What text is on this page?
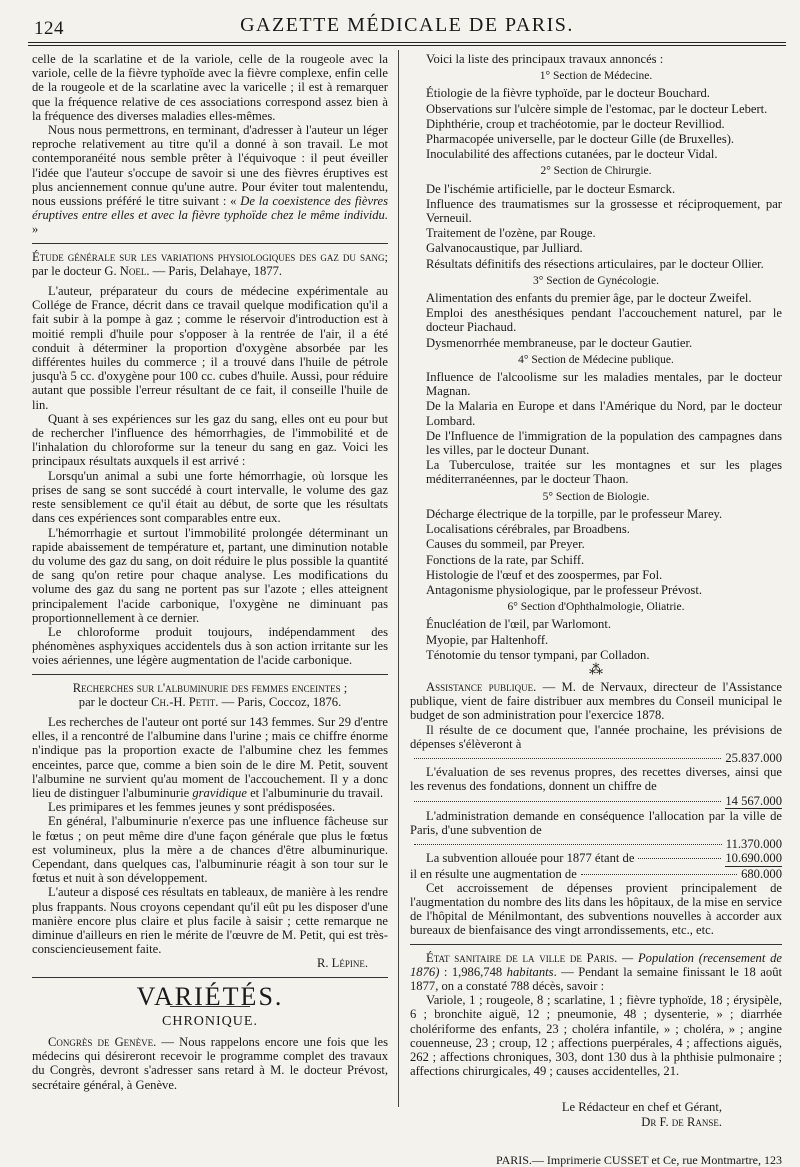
124	GAZETTE MÉDICALE DE PARIS.

celle de la scarlatine et de la variole, celle de la rougeole avec la variole, celle de la fièvre typhoïde avec la fièvre complexe, enfin celle de la rougeole et de la scarlatine avec la varicelle ; il est à remarquer que la fréquence relative de ces associations correspond assez bien à la fréquence des diverses maladies elles-mêmes.

Nous nous permettrons, en terminant, d'adresser à l'auteur un léger reproche relativement au titre qu'il a donné à son travail. Le mot contemporanéité nous semble prêter à l'équivoque : il peut éveiller l'idée que l'auteur s'occupe de savoir si une des fièvres éruptives est plus anciennement connue qu'une autre. Pour éviter tout malentendu, nous eussions préféré le titre suivant : « De la coexistence des fièvres éruptives entre elles et avec la fièvre typhoïde chez le même individu. »

Étude générale sur les variations physiologiques des gaz du sang; par le docteur G. Noel. — Paris, Delahaye, 1877.

L'auteur, préparateur du cours de médecine expérimentale au Collége de France, décrit dans ce travail quelque modification qu'il a fait subir à la pompe à gaz ; comme le réservoir d'introduction est à moitié rempli d'huile pour s'opposer à la rentrée de l'air, il a été conduit à déterminer la proportion d'oxygène absorbée par les différentes huiles du commerce ; il a trouvé dans l'huile de pétrole jusqu'à 5 cc. d'oxygène pour 100 cc. cubes d'huile. Aussi, pour réduire autant que possible l'erreur résultant de ce fait, il conseille l'huile de lin.

Quant à ses expériences sur les gaz du sang, elles ont eu pour but de rechercher l'influence des hémorrhagies, de l'immobilité et de l'inhalation du chloroforme sur la teneur du sang en gaz. Voici les principaux résultats auxquels il est arrivé :

Lorsqu'un animal a subi une forte hémorrhagie, où lorsque les prises de sang se sont succédé à court intervalle, le volume des gaz reste sensiblement ce qu'il était au début, de sorte que les résultats dans ces expériences sont comparables entre eux.

L'hémorrhagie et surtout l'immobilité prolongée déterminant un rapide abaissement de température et, partant, une diminution notable du volume des gaz du sang, on doit réduire le plus possible la quantité de sang qu'on retire pour chaque analyse. Les modifications du volume des gaz du sang ne portent pas sur l'azote ; elles atteignent principalement l'acide carbonique, l'oxygène ne diminuant pas proportionnellement à ce dernier.

Le chloroforme produit toujours, indépendamment des phénomènes asphyxiques accidentels dus à son action irritante sur les voies aériennes, une légère augmentation de l'acide carbonique.

Recherches sur l'albuminurie des femmes enceintes ;

par le docteur Ch.-H. Petit. — Paris, Coccoz, 1876.

Les recherches de l'auteur ont porté sur 143 femmes. Sur 29 d'entre elles, il a rencontré de l'albumine dans l'urine ; mais ce chiffre énorme n'indique pas la proportion exacte de l'albumine chez les femmes enceintes, parce que, comme a bien soin de le dire M. Petit, souvent l'albumine ne survient qu'au moment de l'accouchement. Il y a donc lieu de distinguer l'albuminurie gravidique et l'albuminurie du travail.

Les primipares et les femmes jeunes y sont prédisposées.

En général, l'albuminurie n'exerce pas une influence fâcheuse sur le fœtus ; on peut même dire d'une façon générale que plus le fœtus est volumineux, plus la mère a de chances d'être albuminurique. Cependant, dans quelques cas, l'albuminurie réagit à son tour sur le fœtus et nuit à son développement.

L'auteur a disposé ces résultats en tableaux, de manière à les rendre plus frappants. Nous croyons cependant qu'il eût pu les disposer d'une manière encore plus claire et plus facile à saisir ; cette remarque ne diminue d'ailleurs en rien le mérite de l'œuvre de M. Petit, qui est très-consciencieusement faite.

R. Lépine.

VARIÉTÉS.
CHRONIQUE.

Congrès de Genève. — Nous rappelons encore une fois que les médecins qui désireront recevoir le programme complet des travaux du Congrès, devront s'adresser sans retard à M. le docteur Prévost, secrétaire général, à Genève.

Voici la liste des principaux travaux annoncés :

1° Section de Médecine.
Étiologie de la fièvre typhoïde, par le docteur Bouchard.
Observations sur l'ulcère simple de l'estomac, par le docteur Lebert.
Diphthérie, croup et trachéotomie, par le docteur Revilliod.
Pharmacopée universelle, par le docteur Gille (de Bruxelles).
Inoculabilité des affections cutanées, par le docteur Vidal.
2° Section de Chirurgie.
De l'ischémie artificielle, par le docteur Esmarck.
Influence des traumatismes sur la grossesse et réciproquement, par Verneuil.
Traitement de l'ozène, par Rouge.
Galvanocaustique, par Julliard.
Résultats définitifs des résections articulaires, par le docteur Ollier.
3° Section de Gynécologie.
Alimentation des enfants du premier âge, par le docteur Zweifel.
Emploi des anesthésiques pendant l'accouchement naturel, par le docteur Piachaud.
Dysmenorrhée membraneuse, par le docteur Gautier.
4° Section de Médecine publique.
Influence de l'alcoolisme sur les maladies mentales, par le docteur Magnan.
De la Malaria en Europe et dans l'Amérique du Nord, par le docteur Lombard.
De l'Influence de l'immigration de la population des campagnes dans les villes, par le docteur Dunant.
La Tuberculose, traitée sur les montagnes et sur les plages méditerranéennes, par le docteur Thaon.
5° Section de Biologie.
Décharge électrique de la torpille, par le professeur Marey.
Localisations cérébrales, par Broadbens.
Causes du sommeil, par Preyer.
Fonctions de la rate, par Schiff.
Histologie de l'œuf et des zoospermes, par Fol.
Antagonisme physiologique, par le professeur Prévost.
6° Section d'Ophthalmologie, Oliatrie.
Énucléation de l'œil, par Warlomont.
Myopie, par Haltenhoff.
Ténotomie du tensor tympani, par Colladon.
⁂

Assistance publique. — M. de Nervaux, directeur de l'Assistance publique, vient de faire distribuer aux membres du Conseil municipal le budget de son administration pour l'exercice 1878.

Il résulte de ce document que, l'année prochaine, les prévisions de dépenses s'élèveront à

25.837.000

L'évaluation de ses revenus propres, des recettes diverses, ainsi que les revenus des fondations, donnent un chiffre de

14 567.000

L'administration demande en conséquence l'allocation par la ville de Paris, d'une subvention de

11.370.000
La subvention allouée pour 1877 étant de	10.690.000
il en résulte une augmentation de	680.000

Cet accroissement de dépenses provient principalement de l'augmentation du nombre des lits dans les hôpitaux, de la mise en service de l'hôpital de Ménilmontant, des subventions nouvelles à accorder aux bureaux de bienfaisance des vingt arrondissements, etc., etc.

État sanitaire de la ville de Paris. — Population (recensement de 1876) : 1,986,748 habitants. — Pendant la semaine finissant le 18 août 1877, on a constaté 788 décès, savoir :

Variole, 1 ; rougeole, 8 ; scarlatine, 1 ; fièvre typhoïde, 18 ; érysipèle, 6 ; bronchite aiguë, 12 ; pneumonie, 48 ; dysenterie, » ; diarrhée cholériforme des enfants, 23 ; choléra infantile, » ; choléra, » ; angine couenneuse, 23 ; croup, 12 ; affections puerpérales, 4 ; affections aiguës, 262 ; affections chroniques, 303, dont 130 dus à la phthisie pulmonaire ; affections chirurgicales, 49 ; causes accidentelles, 21.

Le Rédacteur en chef et Gérant,
Dr F. de Ranse.
PARIS.— Imprimerie CUSSET et Ce, rue Montmartre, 123
